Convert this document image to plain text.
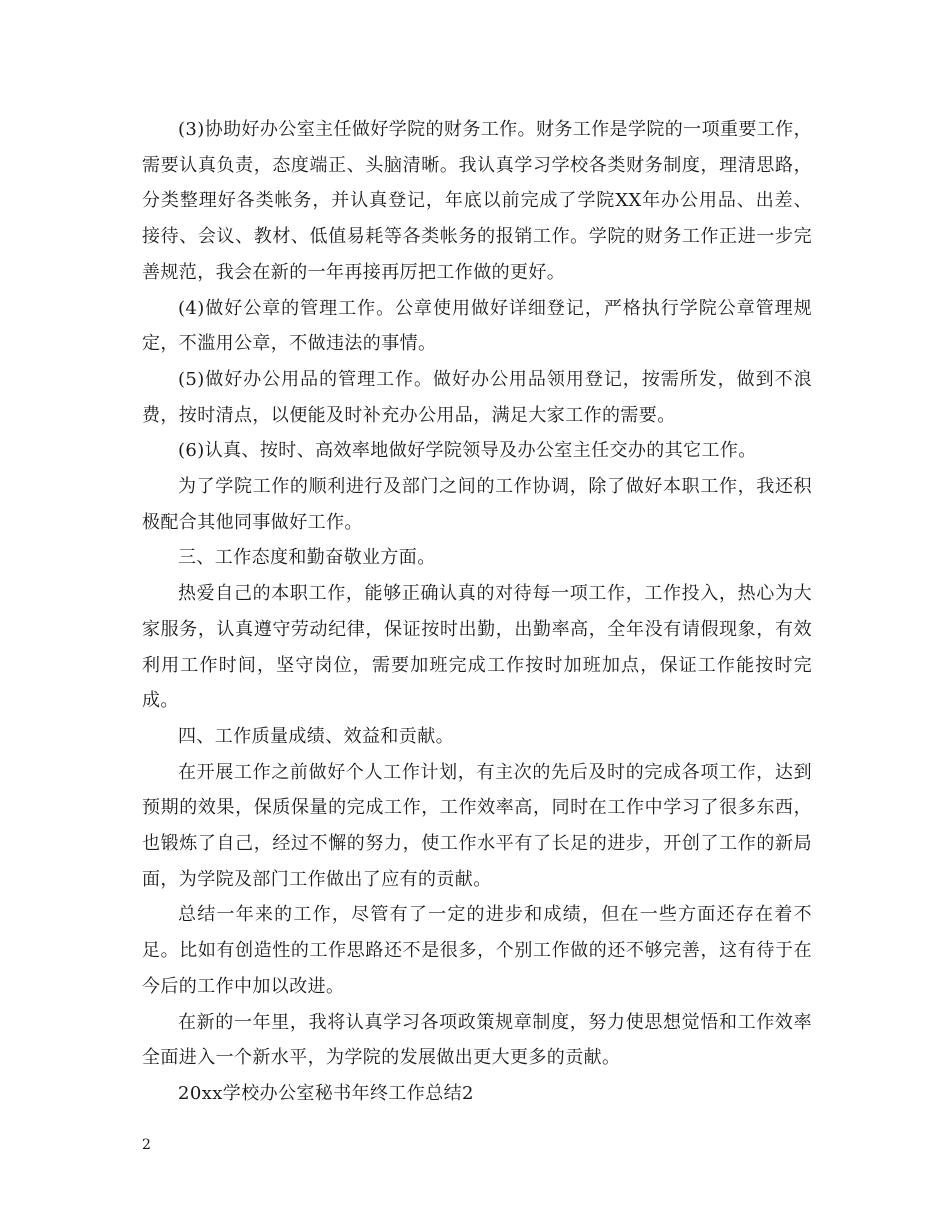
(3)协助好办公室主任做好学院的财务工作。财务工作是学院的一项重要工作，需要认真负责，态度端正、头脑清晰。我认真学习学校各类财务制度，理清思路，分类整理好各类帐务，并认真登记，年底以前完成了学院XX年办公用品、出差、接待、会议、教材、低值易耗等各类帐务的报销工作。学院的财务工作正进一步完善规范，我会在新的一年再接再厉把工作做的更好。

(4)做好公章的管理工作。公章使用做好详细登记，严格执行学院公章管理规定，不滥用公章，不做违法的事情。

(5)做好办公用品的管理工作。做好办公用品领用登记，按需所发，做到不浪费，按时清点，以便能及时补充办公用品，满足大家工作的需要。

(6)认真、按时、高效率地做好学院领导及办公室主任交办的其它工作。

为了学院工作的顺利进行及部门之间的工作协调，除了做好本职工作，我还积极配合其他同事做好工作。

三、工作态度和勤奋敬业方面。

热爱自己的本职工作，能够正确认真的对待每一项工作，工作投入，热心为大家服务，认真遵守劳动纪律，保证按时出勤，出勤率高，全年没有请假现象，有效利用工作时间，坚守岗位，需要加班完成工作按时加班加点，保证工作能按时完成。

四、工作质量成绩、效益和贡献。

在开展工作之前做好个人工作计划，有主次的先后及时的完成各项工作，达到预期的效果，保质保量的完成工作，工作效率高，同时在工作中学习了很多东西，也锻炼了自己，经过不懈的努力，使工作水平有了长足的进步，开创了工作的新局面，为学院及部门工作做出了应有的贡献。

总结一年来的工作，尽管有了一定的进步和成绩，但在一些方面还存在着不足。比如有创造性的工作思路还不是很多，个别工作做的还不够完善，这有待于在今后的工作中加以改进。

在新的一年里，我将认真学习各项政策规章制度，努力使思想觉悟和工作效率全面进入一个新水平，为学院的发展做出更大更多的贡献。

20xx学校办公室秘书年终工作总结2

2
